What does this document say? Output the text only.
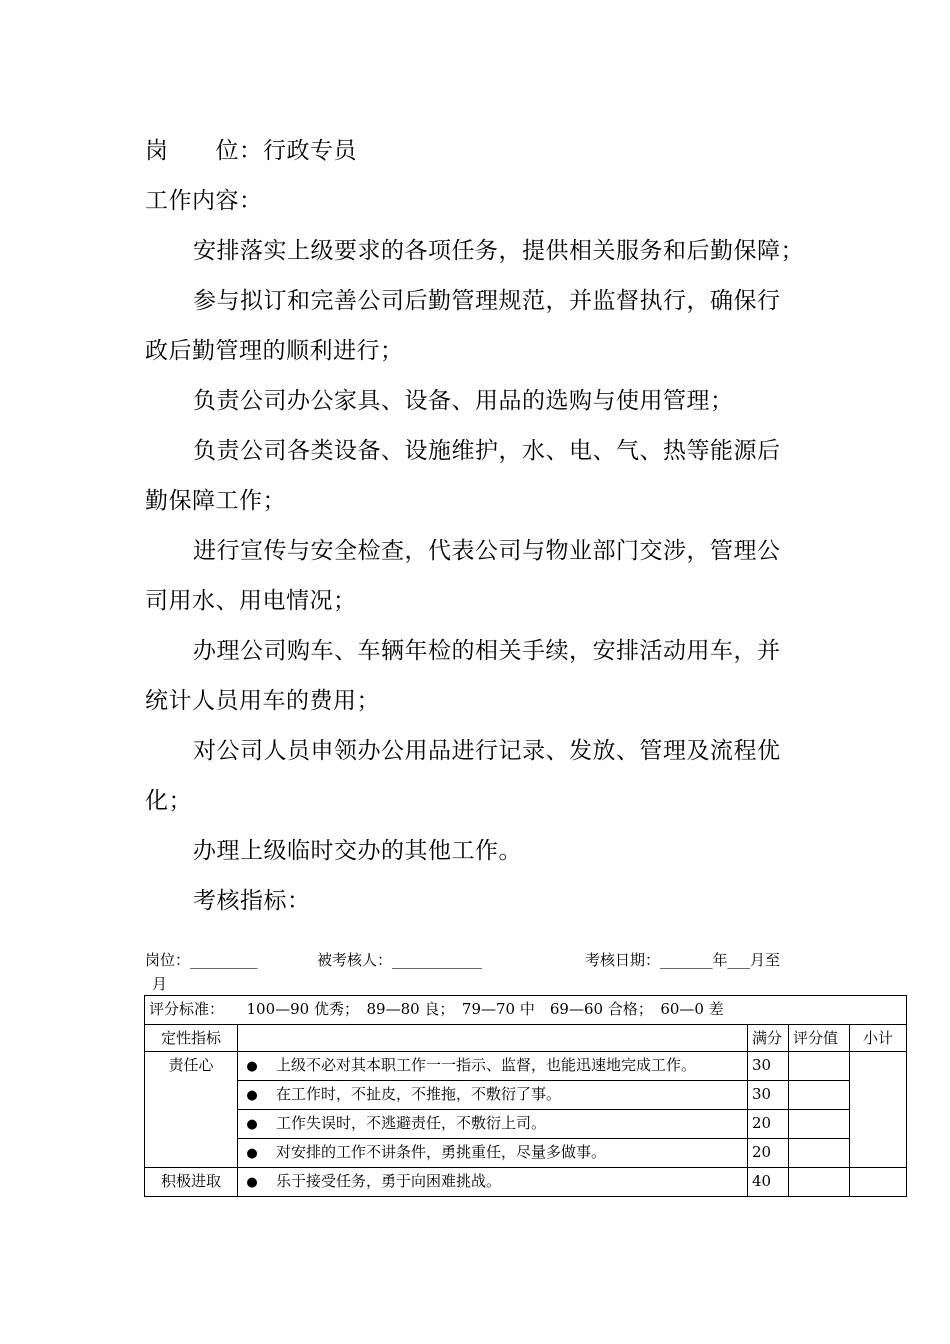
岗　　位：行政专员
工作内容：
安排落实上级要求的各项任务，提供相关服务和后勤保障；
参与拟订和完善公司后勤管理规范，并监督执行，确保行
政后勤管理的顺利进行；
负责公司办公家具、设备、用品的选购与使用管理；
负责公司各类设备、设施维护，水、电、气、热等能源后
勤保障工作；
进行宣传与安全检查，代表公司与物业部门交涉，管理公
司用水、用电情况；
办理公司购车、车辆年检的相关手续，安排活动用车，并
统计人员用车的费用；
对公司人员申领办公用品进行记录、发放、管理及流程优
化；
办理上级临时交办的其他工作。
考核指标：
岗位：_________	被考核人：____________	考核日期：_______年___月至
月
评分标准：　　100—90 优秀；　89—80 良；　79—70 中　69—60 合格；　60—0 差					
定性指标			满分	评分值	小计
责任心	●	上级不必对其本职工作一一指示、监督，也能迅速地完成工作。	30		
	●	在工作时，不扯皮，不推拖，不敷衍了事。	30		
	●	工作失误时，不逃避责任，不敷衍上司。	20		
	●	对安排的工作不讲条件，勇挑重任，尽量多做事。	20		
积极进取	●	乐于接受任务，勇于向困难挑战。	40		
